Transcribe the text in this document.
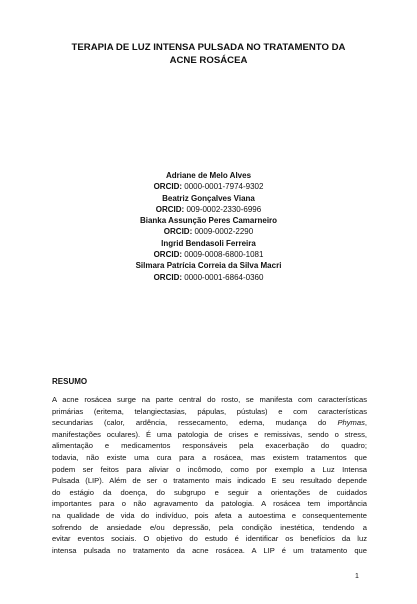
TERAPIA DE LUZ INTENSA PULSADA NO TRATAMENTO DA
ACNE ROSÁCEA
Adriane de Melo Alves
ORCID: 0000-0001-7974-9302
Beatriz Gonçalves Viana
ORCID: 009-0002-2330-6996
Bianka Assunção Peres Camarneiro
ORCID: 0009-0002-2290
Ingrid Bendasoli Ferreira
ORCID: 0009-0008-6800-1081
Silmara Patrícia Correia da Silva Macri
ORCID: 0000-0001-6864-0360
RESUMO
A acne rosácea surge na parte central do rosto, se manifesta com características
primárias (eritema, telangiectasias, pápulas, pústulas) e com características
secundarias (calor, ardência, ressecamento, edema, mudança do Phymas,
manifestações oculares). É uma patologia de crises e remissivas, sendo o stress,
alimentação e medicamentos responsáveis pela exacerbação do quadro;
todavia, não existe uma cura para a rosácea, mas existem tratamentos que
podem ser feitos para aliviar o incômodo, como por exemplo a Luz Intensa
Pulsada (LIP). Além de ser o tratamento mais indicado E seu resultado depende
do estágio da doença, do subgrupo e seguir a orientações de cuidados
importantes para o não agravamento da patologia. A rosácea tem importância
na qualidade de vida do indivíduo, pois afeta a autoestima e consequentemente
sofrendo de ansiedade e/ou depressão, pela condição inestética, tendendo a
evitar eventos sociais. O objetivo do estudo é identificar os benefícios da luz
intensa pulsada no tratamento da acne rosácea. A LIP é um tratamento que
1
